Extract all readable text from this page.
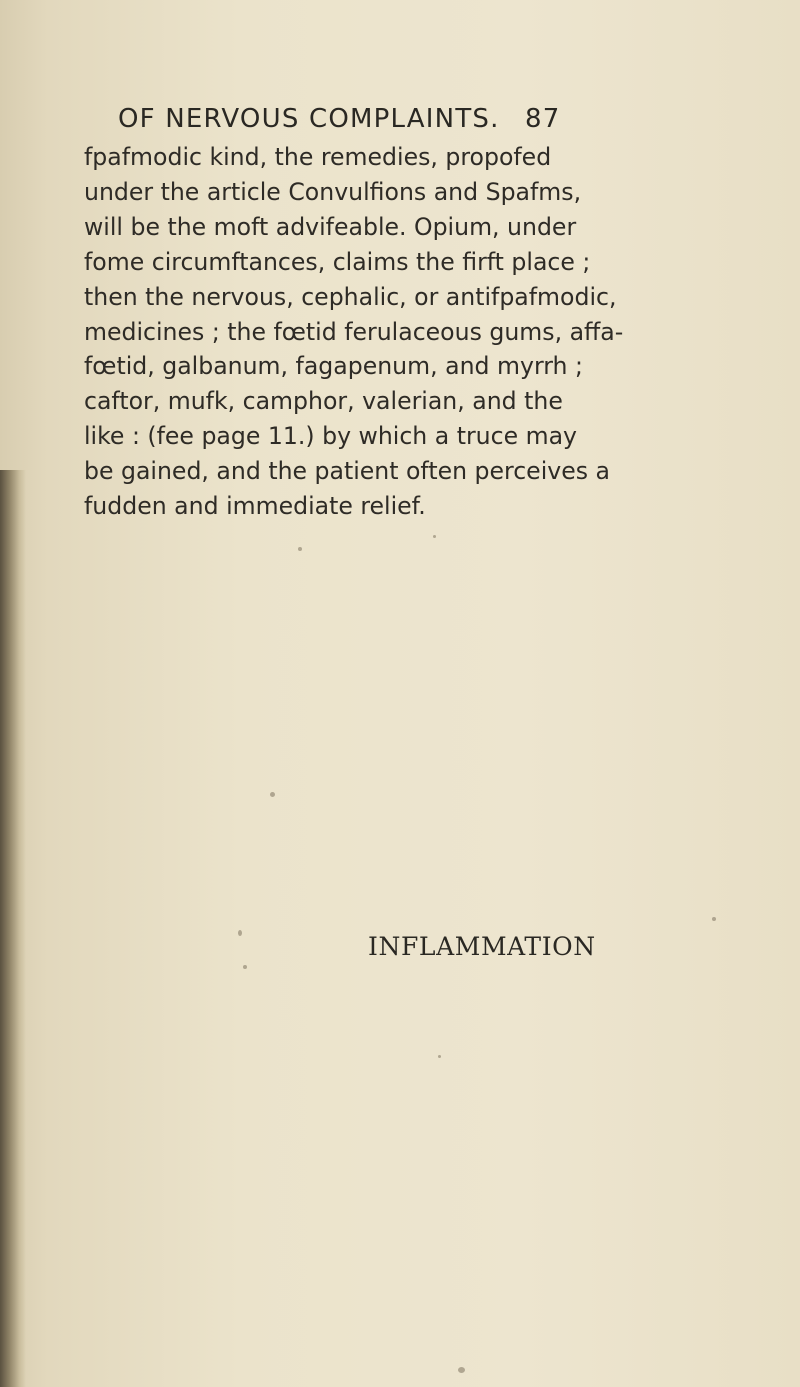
OF NERVOUS COMPLAINTS. 87
fpafmodic kind, the remedies, propofed
under the article Convulfions and Spafms,
will be the moft advifeable. Opium, under
fome circumftances, claims the firft place ;
then the nervous, cephalic, or antifpafmodic,
medicines ; the fœtid ferulaceous gums, affa-
fœtid, galbanum, fagapenum, and myrrh ;
caftor, mufk, camphor, valerian, and the
like : (fee page 11.) by which a truce may
be gained, and the patient often perceives a
fudden and immediate relief.
INFLAMMATION
